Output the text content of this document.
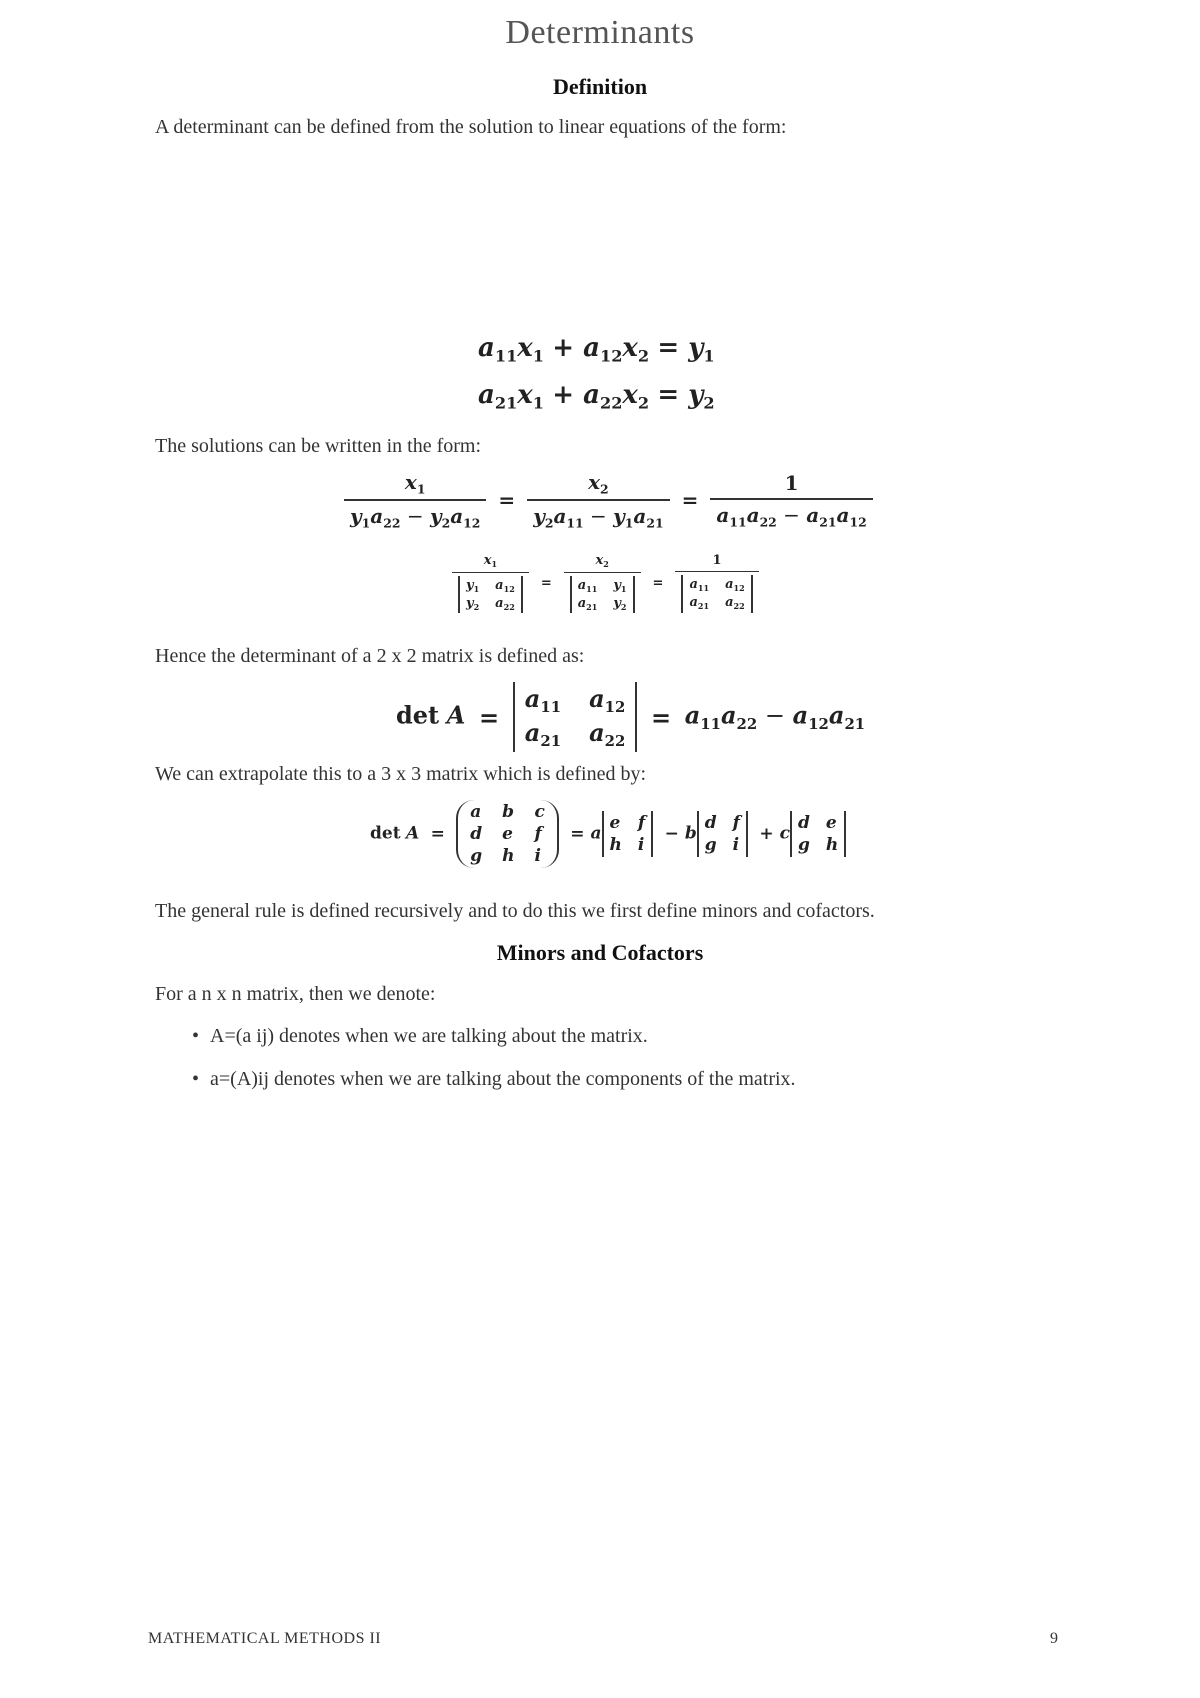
Determinants
Definition
A determinant can be defined from the solution to linear equations of the form:
$a_{11}x_1 + a_{12}x_2 = y_1$
$a_{21}x_1 + a_{22}x_2 = y_2$
The solutions can be written in the form:
$\frac{x_1}{y_1a_{22} - y_2a_{12}} = \frac{x_2}{y_2a_{11} - y_1a_{21}} = \frac{1}{a_{11}a_{22} - a_{21}a_{12}}$
$x_1$
$y_1$ $a_{12}$
$y_2$ $a_{22} = x_2$
$a_{11}$ $y_1$
$a_{21}$ $y_2 = 1$
$a_{11}$ $a_{12}$
$a_{21}$ $a_{22}$
Hence the determinant of a 2 x 2 matrix is defined as:
det A =
$a_{11}$ $a_{12}$
$a_{21}$ $a_{22}$
= $a_{11}a_{22} - a_{12}a_{21}$
We can extrapolate this to a 3 x 3 matrix which is defined by:
det A =
a b c
d e f
g h i
= a
e f
h i
− b
d f
g i
+ c
d e
g h
The general rule is defined recursively and to do this we first define minors and cofactors.
Minors and Cofactors
For a n x n matrix, then we denote:
• A=(a ij) denotes when we are talking about the matrix.
• a=(A)ij denotes when we are talking about the components of the matrix.
MATHEMATICAL METHODS II	9
